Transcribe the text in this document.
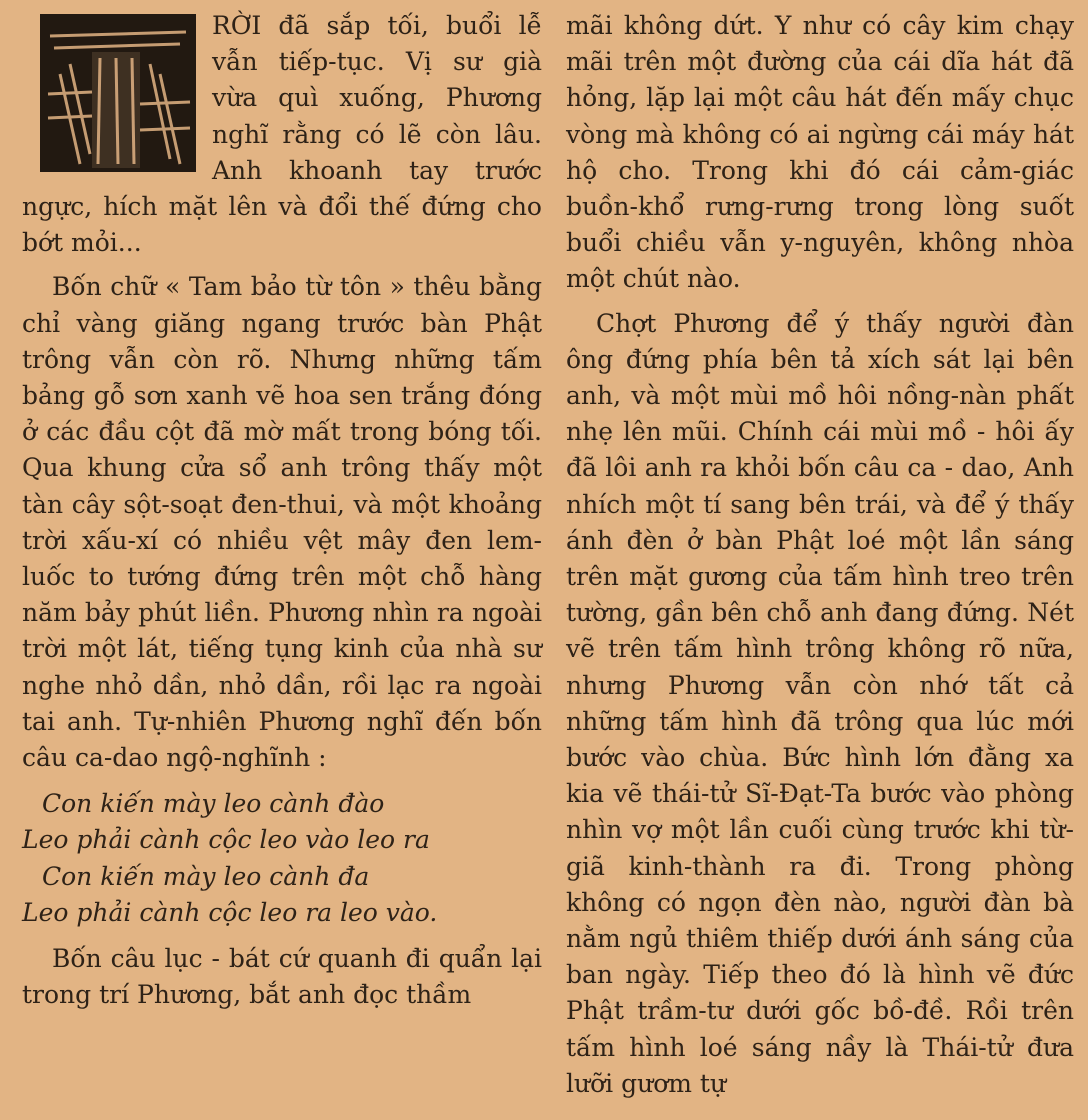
RỜI đã sắp tối, buổi lễ vẫn tiếp-tục. Vị sư già vừa quì xuống, Phương nghĩ rằng có lẽ còn lâu. Anh khoanh tay trước ngực, hích mặt lên và đổi thế đứng cho bớt mỏi...

Bốn chữ « Tam bảo từ tôn » thêu bằng chỉ vàng giăng ngang trước bàn Phật trông vẫn còn rõ. Nhưng những tấm bảng gỗ sơn xanh vẽ hoa sen trắng đóng ở các đầu cột đã mờ mất trong bóng tối. Qua khung cửa sổ anh trông thấy một tàn cây sột-soạt đen-thui, và một khoảng trời xấu-xí có nhiều vệt mây đen lem-luốc to tướng đứng trên một chỗ hàng năm bảy phút liền. Phương nhìn ra ngoài trời một lát, tiếng tụng kinh của nhà sư nghe nhỏ dần, nhỏ dần, rồi lạc ra ngoài tai anh. Tự-nhiên Phương nghĩ đến bốn câu ca-dao ngộ-nghĩnh :

Con kiến mày leo cành đào
Leo phải cành cộc leo vào leo ra
Con kiến mày leo cành đa
Leo phải cành cộc leo ra leo vào.

Bốn câu lục - bát cứ quanh đi quẩn lại trong trí Phương, bắt anh đọc thầm

mãi không dứt. Y như có cây kim chạy mãi trên một đường của cái dĩa hát đã hỏng, lặp lại một câu hát đến mấy chục vòng mà không có ai ngừng cái máy hát hộ cho. Trong khi đó cái cảm-giác buồn-khổ rưng-rưng trong lòng suốt buổi chiều vẫn y-nguyên, không nhòa một chút nào.

Chợt Phương để ý thấy người đàn ông đứng phía bên tả xích sát lại bên anh, và một mùi mồ hôi nồng-nàn phất nhẹ lên mũi. Chính cái mùi mồ - hôi ấy đã lôi anh ra khỏi bốn câu ca - dao, Anh nhích một tí sang bên trái, và để ý thấy ánh đèn ở bàn Phật loé một lần sáng trên mặt gương của tấm hình treo trên tường, gần bên chỗ anh đang đứng. Nét vẽ trên tấm hình trông không rõ nữa, nhưng Phương vẫn còn nhớ tất cả những tấm hình đã trông qua lúc mới bước vào chùa. Bức hình lớn đằng xa kia vẽ thái-tử Sĩ-Đạt-Ta bước vào phòng nhìn vợ một lần cuối cùng trước khi từ-giã kinh-thành ra đi. Trong phòng không có ngọn đèn nào, người đàn bà nằm ngủ thiêm thiếp dưới ánh sáng của ban ngày. Tiếp theo đó là hình vẽ đức Phật trầm-tư dưới gốc bồ-đề. Rồi trên tấm hình loé sáng nầy là Thái-tử đưa lưỡi gươm tự
